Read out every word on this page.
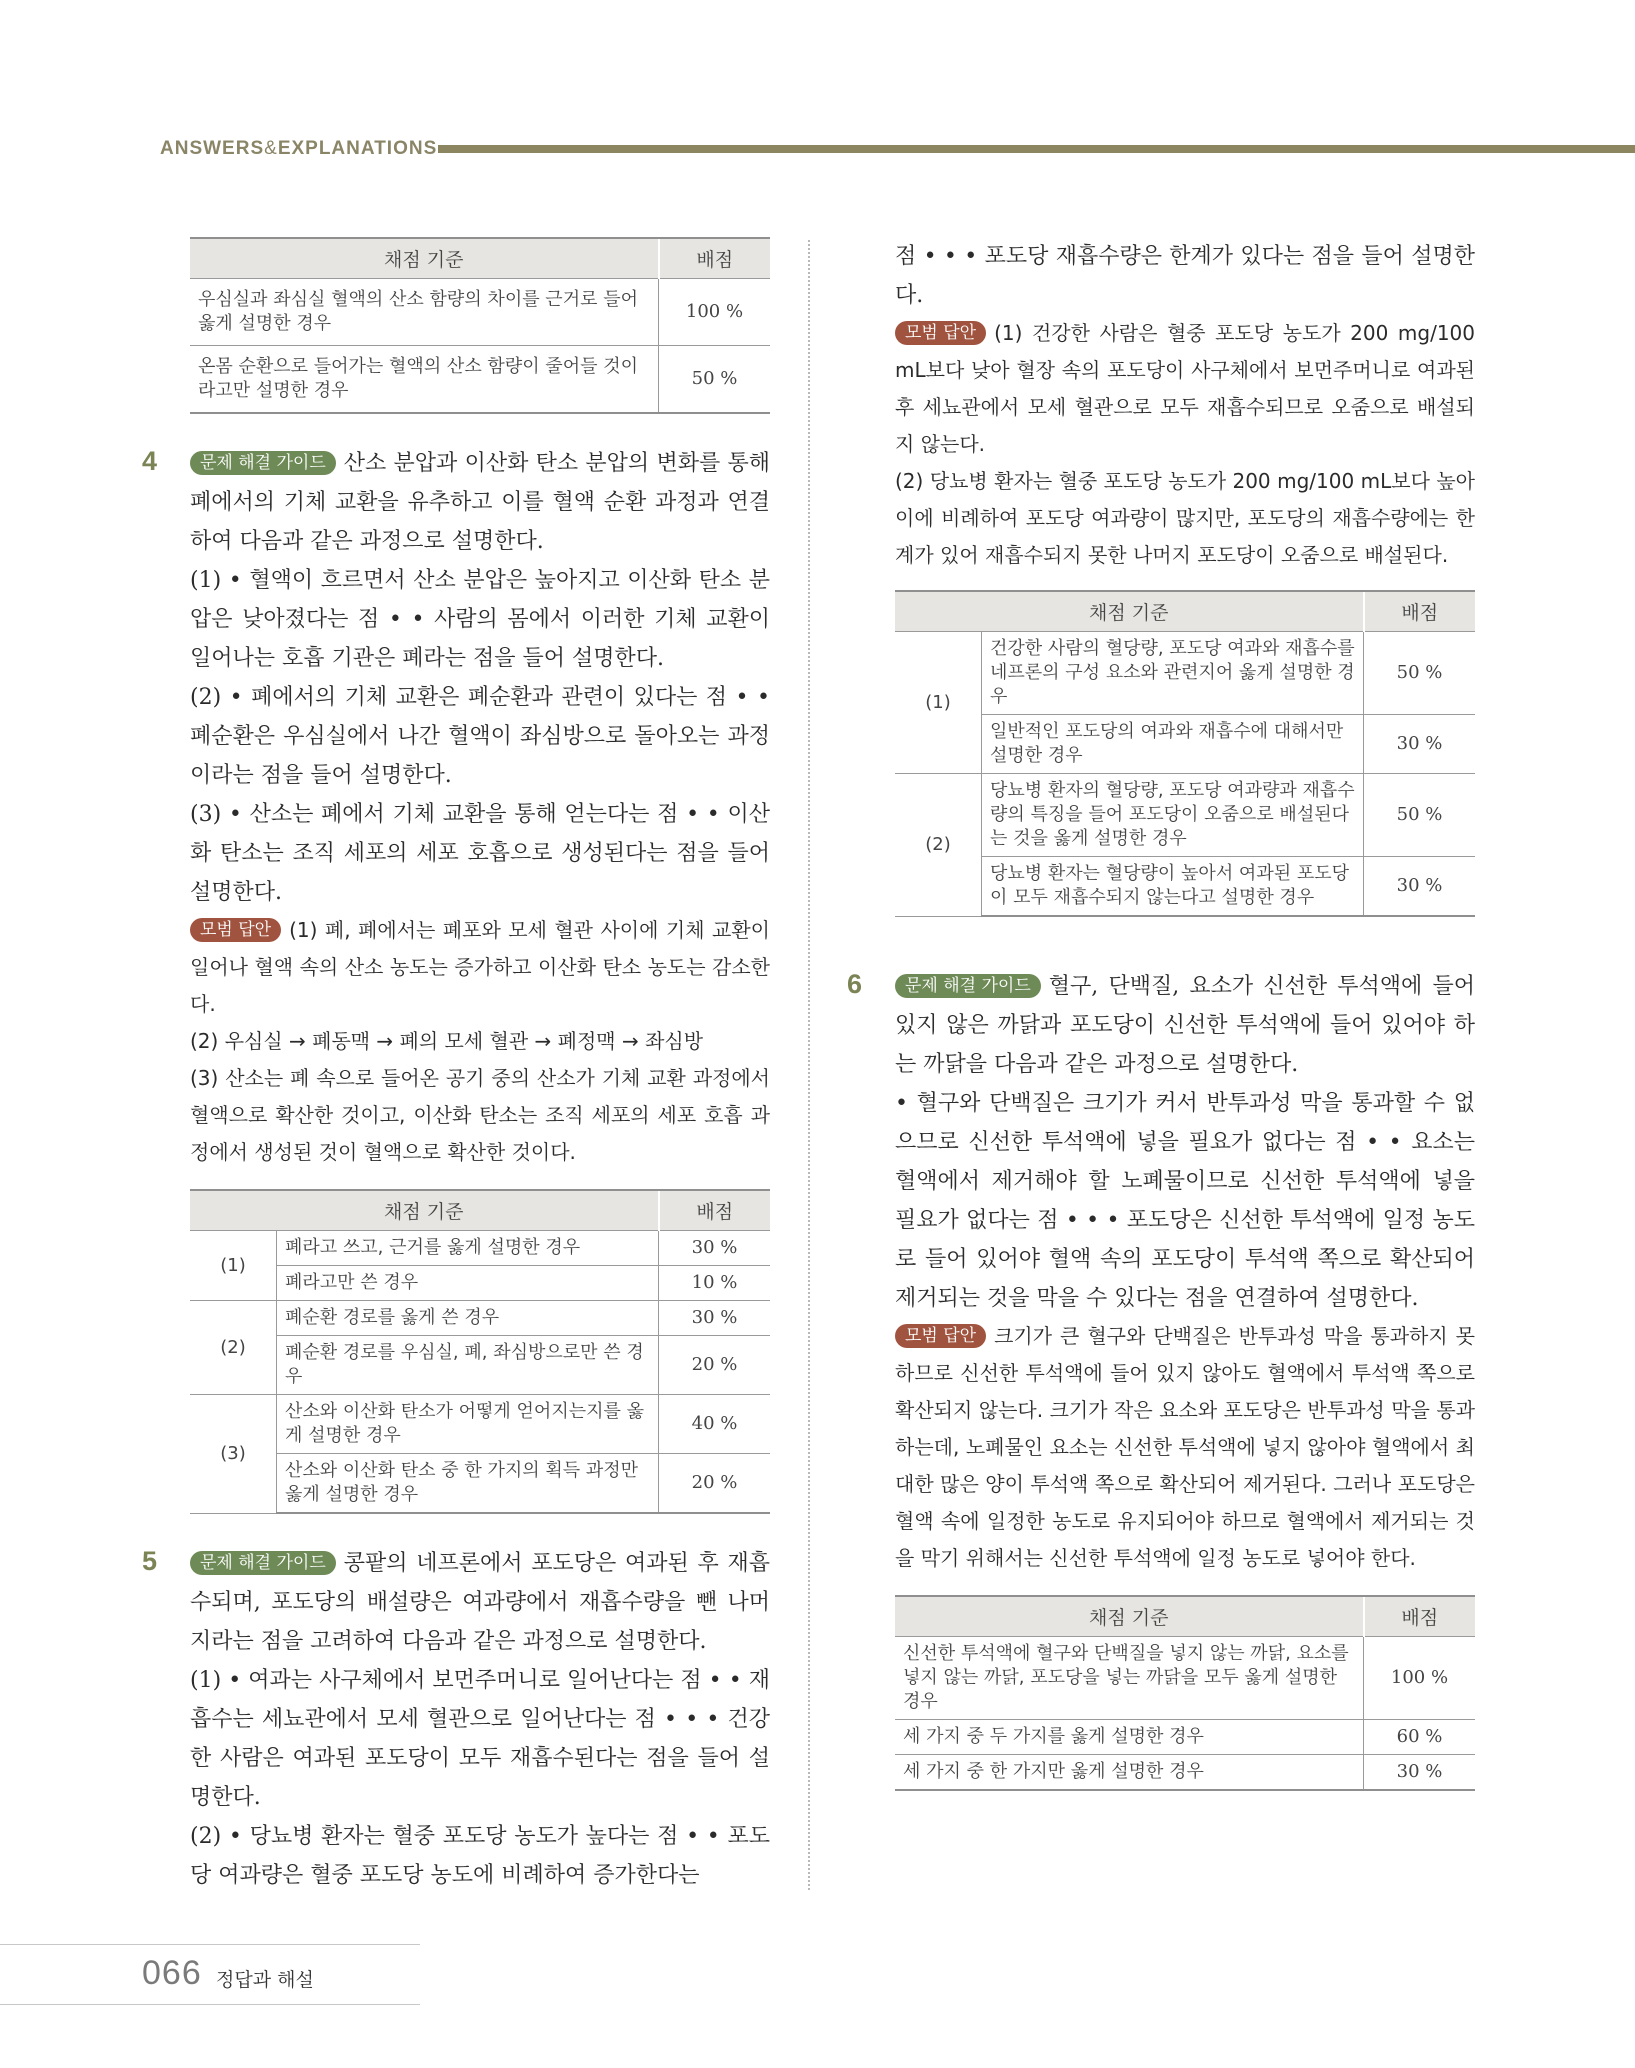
ANSWERS&EXPLANATIONS
채점 기준	배점
우심실과 좌심실 혈액의 산소 함량의 차이를 근거로 들어 옳게 설명한 경우	100 %
온몸 순환으로 들어가는 혈액의 산소 함량이 줄어들 것이라고만 설명한 경우	50 %
4	문제 해결 가이드 산소 분압과 이산화 탄소 분압의 변화를 통해 폐에서의 기체 교환을 유추하고 이를 혈액 순환 과정과 연결하여 다음과 같은 과정으로 설명한다.

(1) • 혈액이 흐르면서 산소 분압은 높아지고 이산화 탄소 분압은 낮아졌다는 점 • • 사람의 몸에서 이러한 기체 교환이 일어나는 호흡 기관은 폐라는 점을 들어 설명한다.

(2) • 폐에서의 기체 교환은 폐순환과 관련이 있다는 점 • • 폐순환은 우심실에서 나간 혈액이 좌심방으로 돌아오는 과정이라는 점을 들어 설명한다.

(3) • 산소는 폐에서 기체 교환을 통해 얻는다는 점 • • 이산화 탄소는 조직 세포의 세포 호흡으로 생성된다는 점을 들어 설명한다.

모범 답안 (1) 폐, 폐에서는 폐포와 모세 혈관 사이에 기체 교환이 일어나 혈액 속의 산소 농도는 증가하고 이산화 탄소 농도는 감소한다.

(2) 우심실 → 폐동맥 → 폐의 모세 혈관 → 폐정맥 → 좌심방

(3) 산소는 폐 속으로 들어온 공기 중의 산소가 기체 교환 과정에서 혈액으로 확산한 것이고, 이산화 탄소는 조직 세포의 세포 호흡 과정에서 생성된 것이 혈액으로 확산한 것이다.

채점 기준		배점
(1)	폐라고 쓰고, 근거를 옳게 설명한 경우	30 %
	폐라고만 쓴 경우	10 %
(2)	폐순환 경로를 옳게 쓴 경우	30 %
	폐순환 경로를 우심실, 폐, 좌심방으로만 쓴 경우	20 %
(3)	산소와 이산화 탄소가 어떻게 얻어지는지를 옳게 설명한 경우	40 %
	산소와 이산화 탄소 중 한 가지의 획득 과정만 옳게 설명한 경우	20 %
5	문제 해결 가이드 콩팥의 네프론에서 포도당은 여과된 후 재흡수되며, 포도당의 배설량은 여과량에서 재흡수량을 뺀 나머지라는 점을 고려하여 다음과 같은 과정으로 설명한다.

(1) • 여과는 사구체에서 보먼주머니로 일어난다는 점 • • 재흡수는 세뇨관에서 모세 혈관으로 일어난다는 점 • • • 건강한 사람은 여과된 포도당이 모두 재흡수된다는 점을 들어 설명한다.

(2) • 당뇨병 환자는 혈중 포도당 농도가 높다는 점 • • 포도당 여과량은 혈중 포도당 농도에 비례하여 증가한다는

점 • • • 포도당 재흡수량은 한계가 있다는 점을 들어 설명한다.

모범 답안 (1) 건강한 사람은 혈중 포도당 농도가 200 mg/100 mL보다 낮아 혈장 속의 포도당이 사구체에서 보먼주머니로 여과된 후 세뇨관에서 모세 혈관으로 모두 재흡수되므로 오줌으로 배설되지 않는다.

(2) 당뇨병 환자는 혈중 포도당 농도가 200 mg/100 mL보다 높아 이에 비례하여 포도당 여과량이 많지만, 포도당의 재흡수량에는 한계가 있어 재흡수되지 못한 나머지 포도당이 오줌으로 배설된다.

채점 기준		배점
(1)	건강한 사람의 혈당량, 포도당 여과와 재흡수를 네프론의 구성 요소와 관련지어 옳게 설명한 경우	50 %
	일반적인 포도당의 여과와 재흡수에 대해서만 설명한 경우	30 %
(2)	당뇨병 환자의 혈당량, 포도당 여과량과 재흡수량의 특징을 들어 포도당이 오줌으로 배설된다는 것을 옳게 설명한 경우	50 %
	당뇨병 환자는 혈당량이 높아서 여과된 포도당이 모두 재흡수되지 않는다고 설명한 경우	30 %
6	문제 해결 가이드 혈구, 단백질, 요소가 신선한 투석액에 들어 있지 않은 까닭과 포도당이 신선한 투석액에 들어 있어야 하는 까닭을 다음과 같은 과정으로 설명한다.

• 혈구와 단백질은 크기가 커서 반투과성 막을 통과할 수 없으므로 신선한 투석액에 넣을 필요가 없다는 점 • • 요소는 혈액에서 제거해야 할 노폐물이므로 신선한 투석액에 넣을 필요가 없다는 점 • • • 포도당은 신선한 투석액에 일정 농도로 들어 있어야 혈액 속의 포도당이 투석액 쪽으로 확산되어 제거되는 것을 막을 수 있다는 점을 연결하여 설명한다.

모범 답안 크기가 큰 혈구와 단백질은 반투과성 막을 통과하지 못하므로 신선한 투석액에 들어 있지 않아도 혈액에서 투석액 쪽으로 확산되지 않는다. 크기가 작은 요소와 포도당은 반투과성 막을 통과하는데, 노폐물인 요소는 신선한 투석액에 넣지 않아야 혈액에서 최대한 많은 양이 투석액 쪽으로 확산되어 제거된다. 그러나 포도당은 혈액 속에 일정한 농도로 유지되어야 하므로 혈액에서 제거되는 것을 막기 위해서는 신선한 투석액에 일정 농도로 넣어야 한다.

채점 기준	배점
신선한 투석액에 혈구와 단백질을 넣지 않는 까닭, 요소를 넣지 않는 까닭, 포도당을 넣는 까닭을 모두 옳게 설명한 경우	100 %
세 가지 중 두 가지를 옳게 설명한 경우	60 %
세 가지 중 한 가지만 옳게 설명한 경우	30 %
066 정답과 해설
